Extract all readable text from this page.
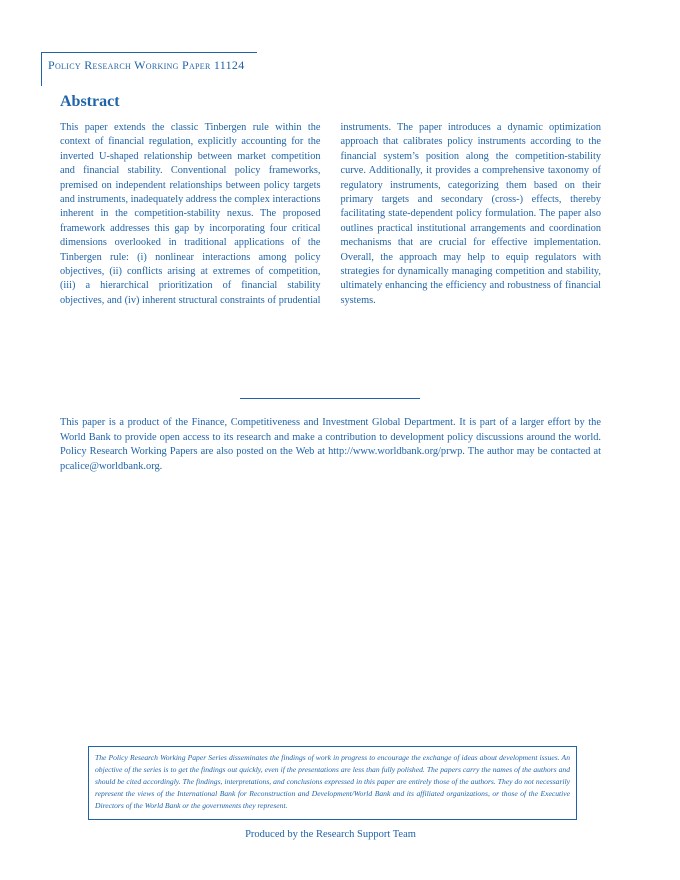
Policy Research Working Paper 11124
Abstract

This paper extends the classic Tinbergen rule within the context of financial regulation, explicitly accounting for the inverted U-shaped relationship between market competition and financial stability. Conventional policy frameworks, premised on independent relationships between policy targets and instruments, inadequately address the complex interactions inherent in the competition-stability nexus. The proposed framework addresses this gap by incorporating four critical dimensions overlooked in traditional applications of the Tinbergen rule: (i) nonlinear interactions among policy objectives, (ii) conflicts arising at extremes of competition, (iii) a hierarchical prioritization of financial stability objectives, and (iv) inherent structural constraints of prudential instruments. The paper introduces a dynamic optimization approach that calibrates policy instruments according to the financial system’s position along the competition-stability curve. Additionally, it provides a comprehensive taxonomy of regulatory instruments, categorizing them based on their primary targets and secondary (cross-) effects, thereby facilitating state-dependent policy formulation. The paper also outlines practical institutional arrangements and coordination mechanisms that are crucial for effective implementation. Overall, the approach may help to equip regulators with strategies for dynamically managing competition and stability, ultimately enhancing the efficiency and robustness of financial systems.

This paper is a product of the Finance, Competitiveness and Investment Global Department. It is part of a larger effort by the World Bank to provide open access to its research and make a contribution to development policy discussions around the world. Policy Research Working Papers are also posted on the Web at http://www.worldbank.org/prwp. The author may be contacted at pcalice@worldbank.org.

The Policy Research Working Paper Series disseminates the findings of work in progress to encourage the exchange of ideas about development issues. An objective of the series is to get the findings out quickly, even if the presentations are less than fully polished. The papers carry the names of the authors and should be cited accordingly. The findings, interpretations, and conclusions expressed in this paper are entirely those of the authors. They do not necessarily represent the views of the International Bank for Reconstruction and Development/World Bank and its affiliated organizations, or those of the Executive Directors of the World Bank or the governments they represent.

Produced by the Research Support Team
